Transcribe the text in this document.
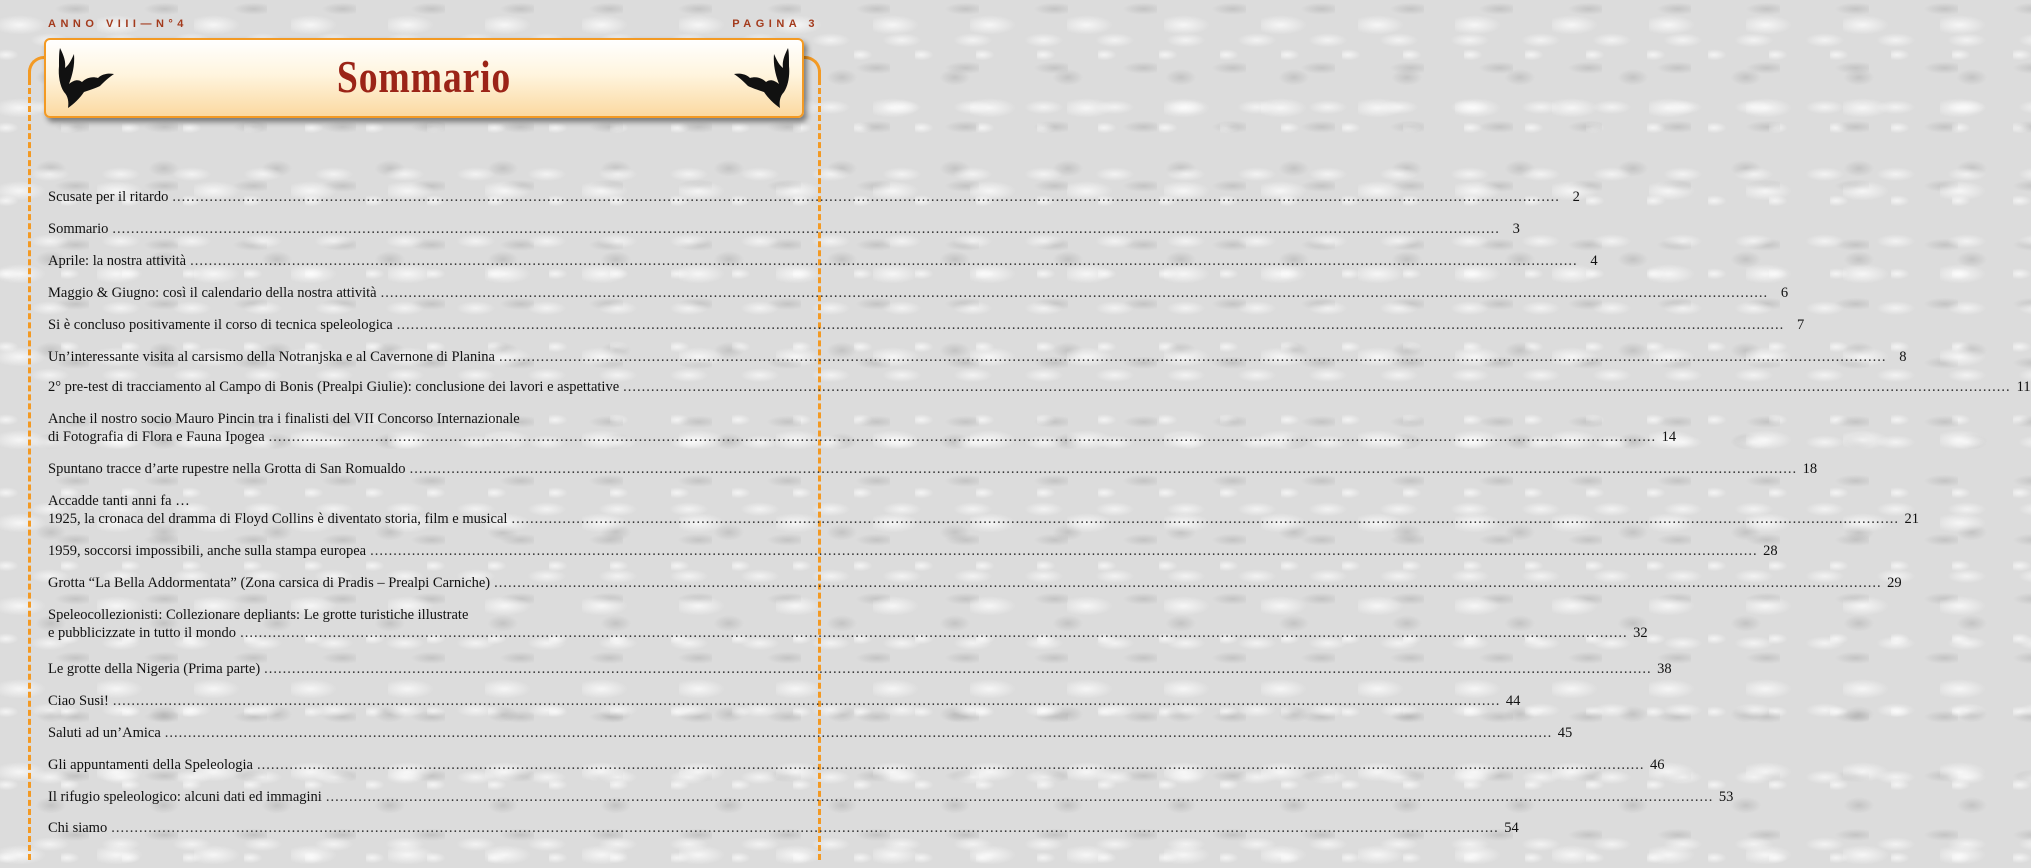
ANNO VIII—N°4	PAGINA 3
Sommario
Scusate per il ritardo ............................................................................................................................................................................................................................................................................................................ 2
Sommario ............................................................................................................................................................................................................................................................................................................ 3
Aprile: la nostra attività ............................................................................................................................................................................................................................................................................................................ 4
Maggio & Giugno: così il calendario della nostra attività ............................................................................................................................................................................................................................................................................................................ 6
Si è concluso positivamente il corso di tecnica speleologica ............................................................................................................................................................................................................................................................................................................ 7
Un’interessante visita al carsismo della Notranjska e al Cavernone di Planina ............................................................................................................................................................................................................................................................................................................ 8
2° pre-test di tracciamento al Campo di Bonis (Prealpi Giulie): conclusione dei lavori e aspettative ............................................................................................................................................................................................................................................................................................................ 11
Anche il nostro socio Mauro Pincin tra i finalisti del VII Concorso Internazionale
di Fotografia di Flora e Fauna Ipogea ............................................................................................................................................................................................................................................................................................................ 14
Spuntano tracce d’arte rupestre nella Grotta di San Romualdo ............................................................................................................................................................................................................................................................................................................ 18
Accadde tanti anni fa …
1925, la cronaca del dramma di Floyd Collins è diventato storia, film e musical ............................................................................................................................................................................................................................................................................................................ 21
1959, soccorsi impossibili, anche sulla stampa europea ............................................................................................................................................................................................................................................................................................................ 28
Grotta “La Bella Addormentata” (Zona carsica di Pradis – Prealpi Carniche) ............................................................................................................................................................................................................................................................................................................ 29
Speleocollezionisti: Collezionare depliants: Le grotte turistiche illustrate
e pubblicizzate in tutto il mondo ............................................................................................................................................................................................................................................................................................................ 32
Le grotte della Nigeria (Prima parte) ............................................................................................................................................................................................................................................................................................................ 38
Ciao Susi! ............................................................................................................................................................................................................................................................................................................ 44
Saluti ad un’Amica ............................................................................................................................................................................................................................................................................................................ 45
Gli appuntamenti della Speleologia ............................................................................................................................................................................................................................................................................................................ 46
Il rifugio speleologico: alcuni dati ed immagini ............................................................................................................................................................................................................................................................................................................ 53
Chi siamo ............................................................................................................................................................................................................................................................................................................ 54
